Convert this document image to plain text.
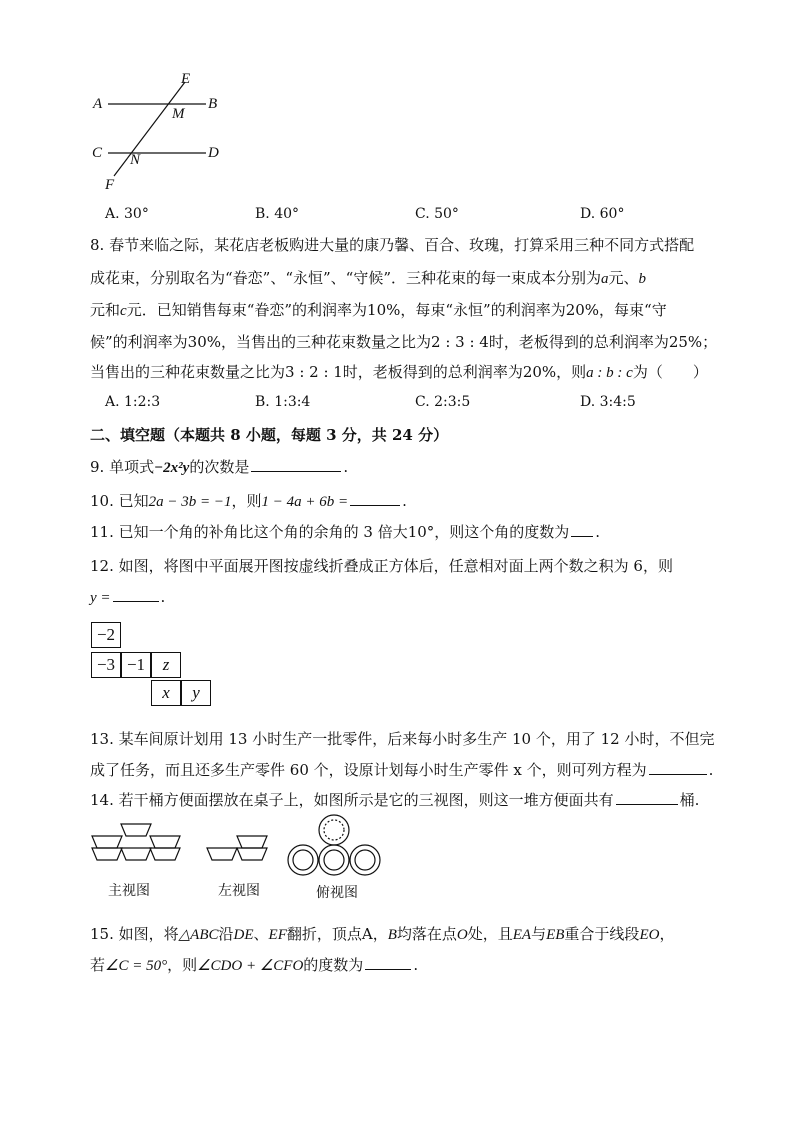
E
A
M
B
C N	D
F
A. 30°	B. 40°	C. 50°	D. 60°
8. 春节来临之际，某花店老板购进大量的康乃馨、百合、玫瑰，打算采用三种不同方式搭配
成花束，分别取名为“眷恋”、“永恒”、“守候”．三种花束的每一束成本分别为a元、b
元和c元．已知销售每束“眷恋”的利润率为10%，每束“永恒”的利润率为20%，每束“守
候”的利润率为30%，当售出的三种花束数量之比为2 : 3 : 4时，老板得到的总利润率为25%；
当售出的三种花束数量之比为3 : 2 : 1时，老板得到的总利润率为20%，则a : b : c为（　　）
A. 1:2:3	B. 1:3:4	C. 2:3:5	D. 3:4:5
二、填空题（本题共 8 小题，每题 3 分，共 24 分）
9. 单项式−2x²y的次数是	.
10. 已知2a − 3b = −1，则1 − 4a + 6b =	.
11. 已知一个角的补角比这个角的余角的 3 倍大10°，则这个角的度数为 .
12. 如图，将图中平面展开图按虚线折叠成正方体后，任意相对面上两个数之积为 6，则
y =	.
−2
−3 −1	z
x	y
13. 某车间原计划用 13 小时生产一批零件，后来每小时多生产 10 个，用了 12 小时，不但完
成了任务，而且还多生产零件 60 个，设原计划每小时生产零件 x 个，则可列方程为	.
14. 若干桶方便面摆放在桌子上，如图所示是它的三视图，则这一堆方便面共有	桶.
主视图	左视图	俯视图
15. 如图，将△ABC沿DE、EF翻折，顶点A，B均落在点O处，且EA与EB重合于线段EO，
若∠C = 50°，则∠CDO + ∠CFO的度数为	.
